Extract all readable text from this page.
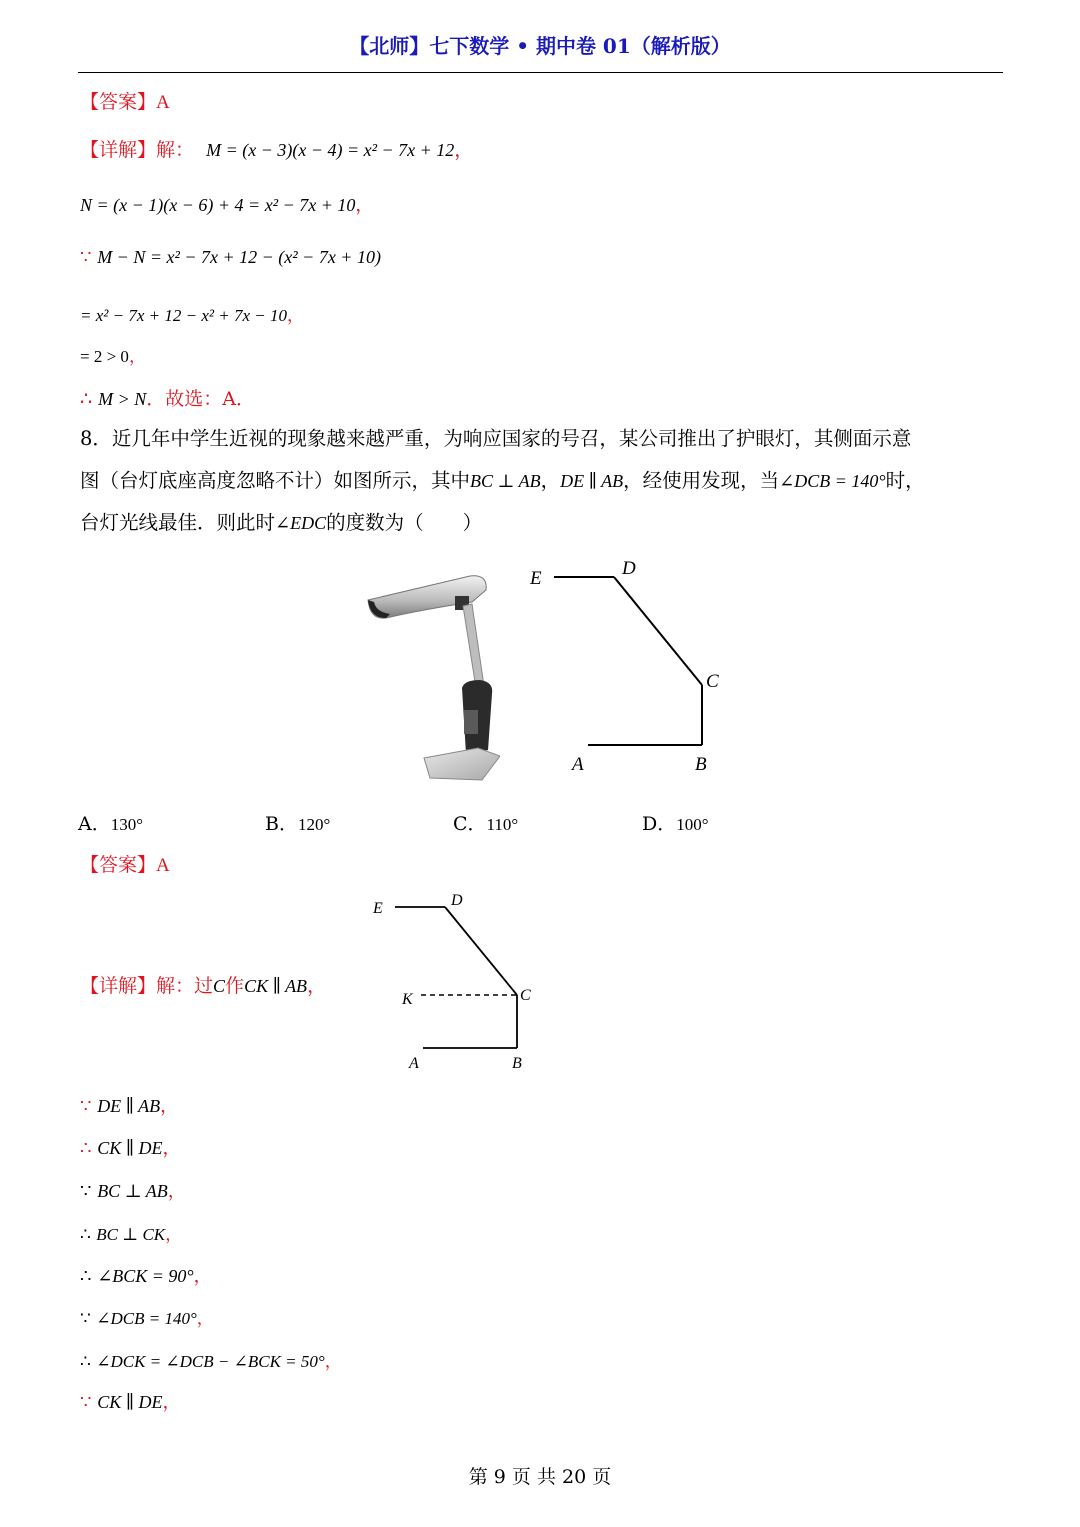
【北师】七下数学 • 期中卷 01（解析版）
【答案】A
【详解】解： M = (x − 3)(x − 4) = x² − 7x + 12，
N = (x − 1)(x − 6) + 4 = x² − 7x + 10，
∵ M − N = x² − 7x + 12 − (x² − 7x + 10)
= x² − 7x + 12 − x² + 7x − 10，
= 2 > 0，
∴ M > N．故选：A．
8．近几年中学生近视的现象越来越严重，为响应国家的号召，某公司推出了护眼灯，其侧面示意
图（台灯底座高度忽略不计）如图所示，其中BC ⊥ AB，DE ∥ AB，经使用发现，当∠DCB = 140°时，
台灯光线最佳．则此时∠EDC的度数为（　　）
E	D
C
A	B
A．130°	B．120°	C．110°	D．100°
【答案】A
【详解】解：过C作CK ∥ AB，
E	D
K	C
A	B
∵ DE ∥ AB，
∴ CK ∥ DE，
∵ BC ⊥ AB，
∴ BC ⊥ CK，
∴ ∠BCK = 90°，
∵ ∠DCB = 140°，
∴ ∠DCK = ∠DCB − ∠BCK = 50°，
∵ CK ∥ DE，
第 9 页 共 20 页
